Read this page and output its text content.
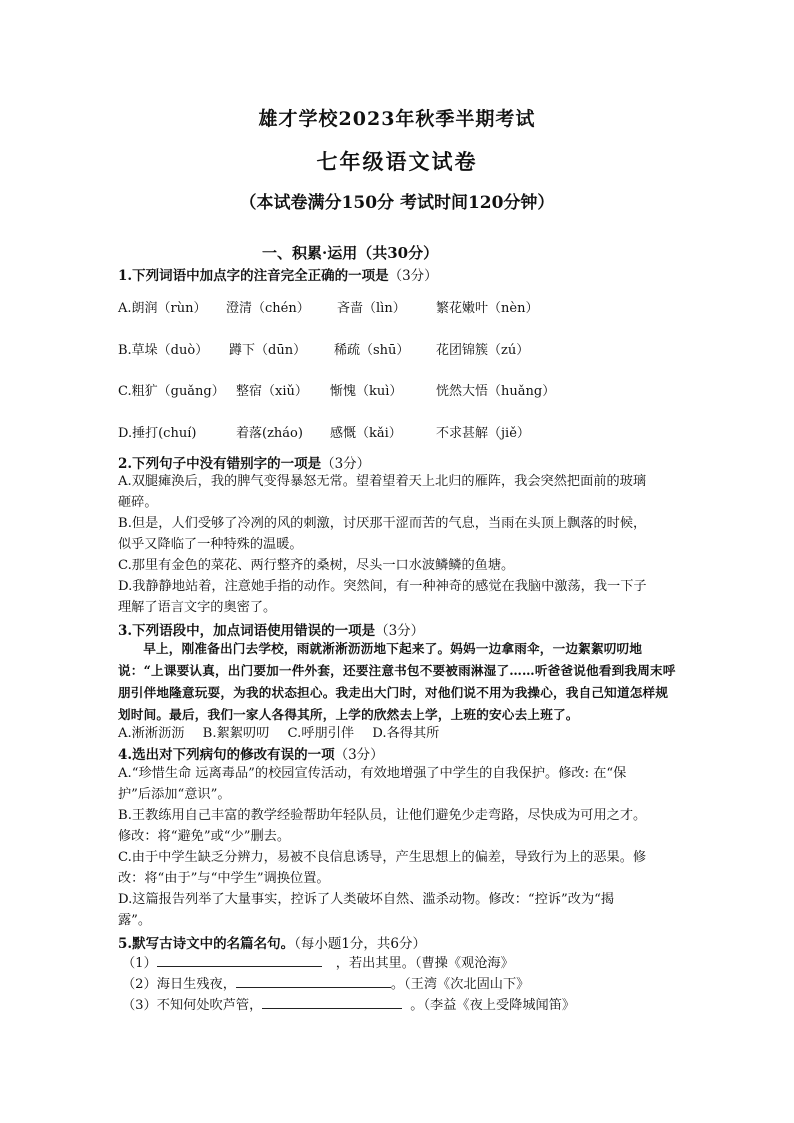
雄才学校2023年秋季半期考试
七年级语文试卷
（本试卷满分150分 考试时间120分钟）
一、积累·运用（共30分）
1.下列词语中加点字的注音完全正确的一项是（3分）
A.朗润（rùn） 澄清（chén） 吝啬（lìn） 繁花嫩叶（nèn）
B.草垛（duò） 蹲下（dūn） 稀疏（shū） 花团锦簇（zú）
C.粗犷（guǎng） 整宿（xiǔ） 惭愧（kuì）	恍然大悟（huǎng）
D.捶打(chuí)	着落(zháo) 感慨（kǎi）	不求甚解（jiě）
2.下列句子中没有错别字的一项是（3分）
A.双腿瘫涣后，我的脾气变得暴怒无常。望着望着天上北归的雁阵，我会突然把面前的玻璃
砸碎。
B.但是，人们受够了冷冽的风的刺激，讨厌那干涩而苦的气息，当雨在头顶上飘落的时候，
似乎又降临了一种特殊的温暖。
C.那里有金色的菜花、两行整齐的桑树，尽头一口水波鳞鳞的鱼塘。
D.我静静地站着，注意她手指的动作。突然间，有一种神奇的感觉在我脑中激荡，我一下子
理解了语言文字的奥密了。
3.下列语段中，加点词语使用错误的一项是（3分）
早上，刚准备出门去学校，雨就淅淅沥沥地下起来了。妈妈一边拿雨伞，一边絮絮叨叨地说：“上课要认真，出门要加一件外套，还要注意书包不要被雨淋湿了……听爸爸说他看到我周末呼朋引伴地隆意玩耍，为我的状态担心。我走出大门时，对他们说不用为我操心，我自己知道怎样规划时间。最后，我们一家人各得其所，上学的欣然去上学，上班的安心去上班了。
A.淅淅沥沥 B.絮絮叨叨 C.呼朋引伴 D.各得其所
4.选出对下列病句的修改有误的一项（3分）
A.“珍惜生命 远离毒品”的校园宣传活动，有效地增强了中学生的自我保护。修改: 在“保
护”后添加“意识”。
B.王教练用自己丰富的教学经验帮助年轻队员，让他们避免少走弯路，尽快成为可用之才。
修改：将“避免”或“少”删去。
C.由于中学生缺乏分辨力，易被不良信息诱导，产生思想上的偏差，导致行为上的恶果。修
改：将“由于”与“中学生”调换位置。
D.这篇报告列举了大量事实，控诉了人类破坏自然、滥杀动物。修改：“控诉”改为“揭
露”。
5.默写古诗文中的名篇名句。（每小题1分，共6分）
（1）	，若出其里。（曹操《观沧海》
（2）海日生残夜，	。（王湾《次北固山下》
（3）不知何处吹芦管，	。（李益《夜上受降城闻笛》
